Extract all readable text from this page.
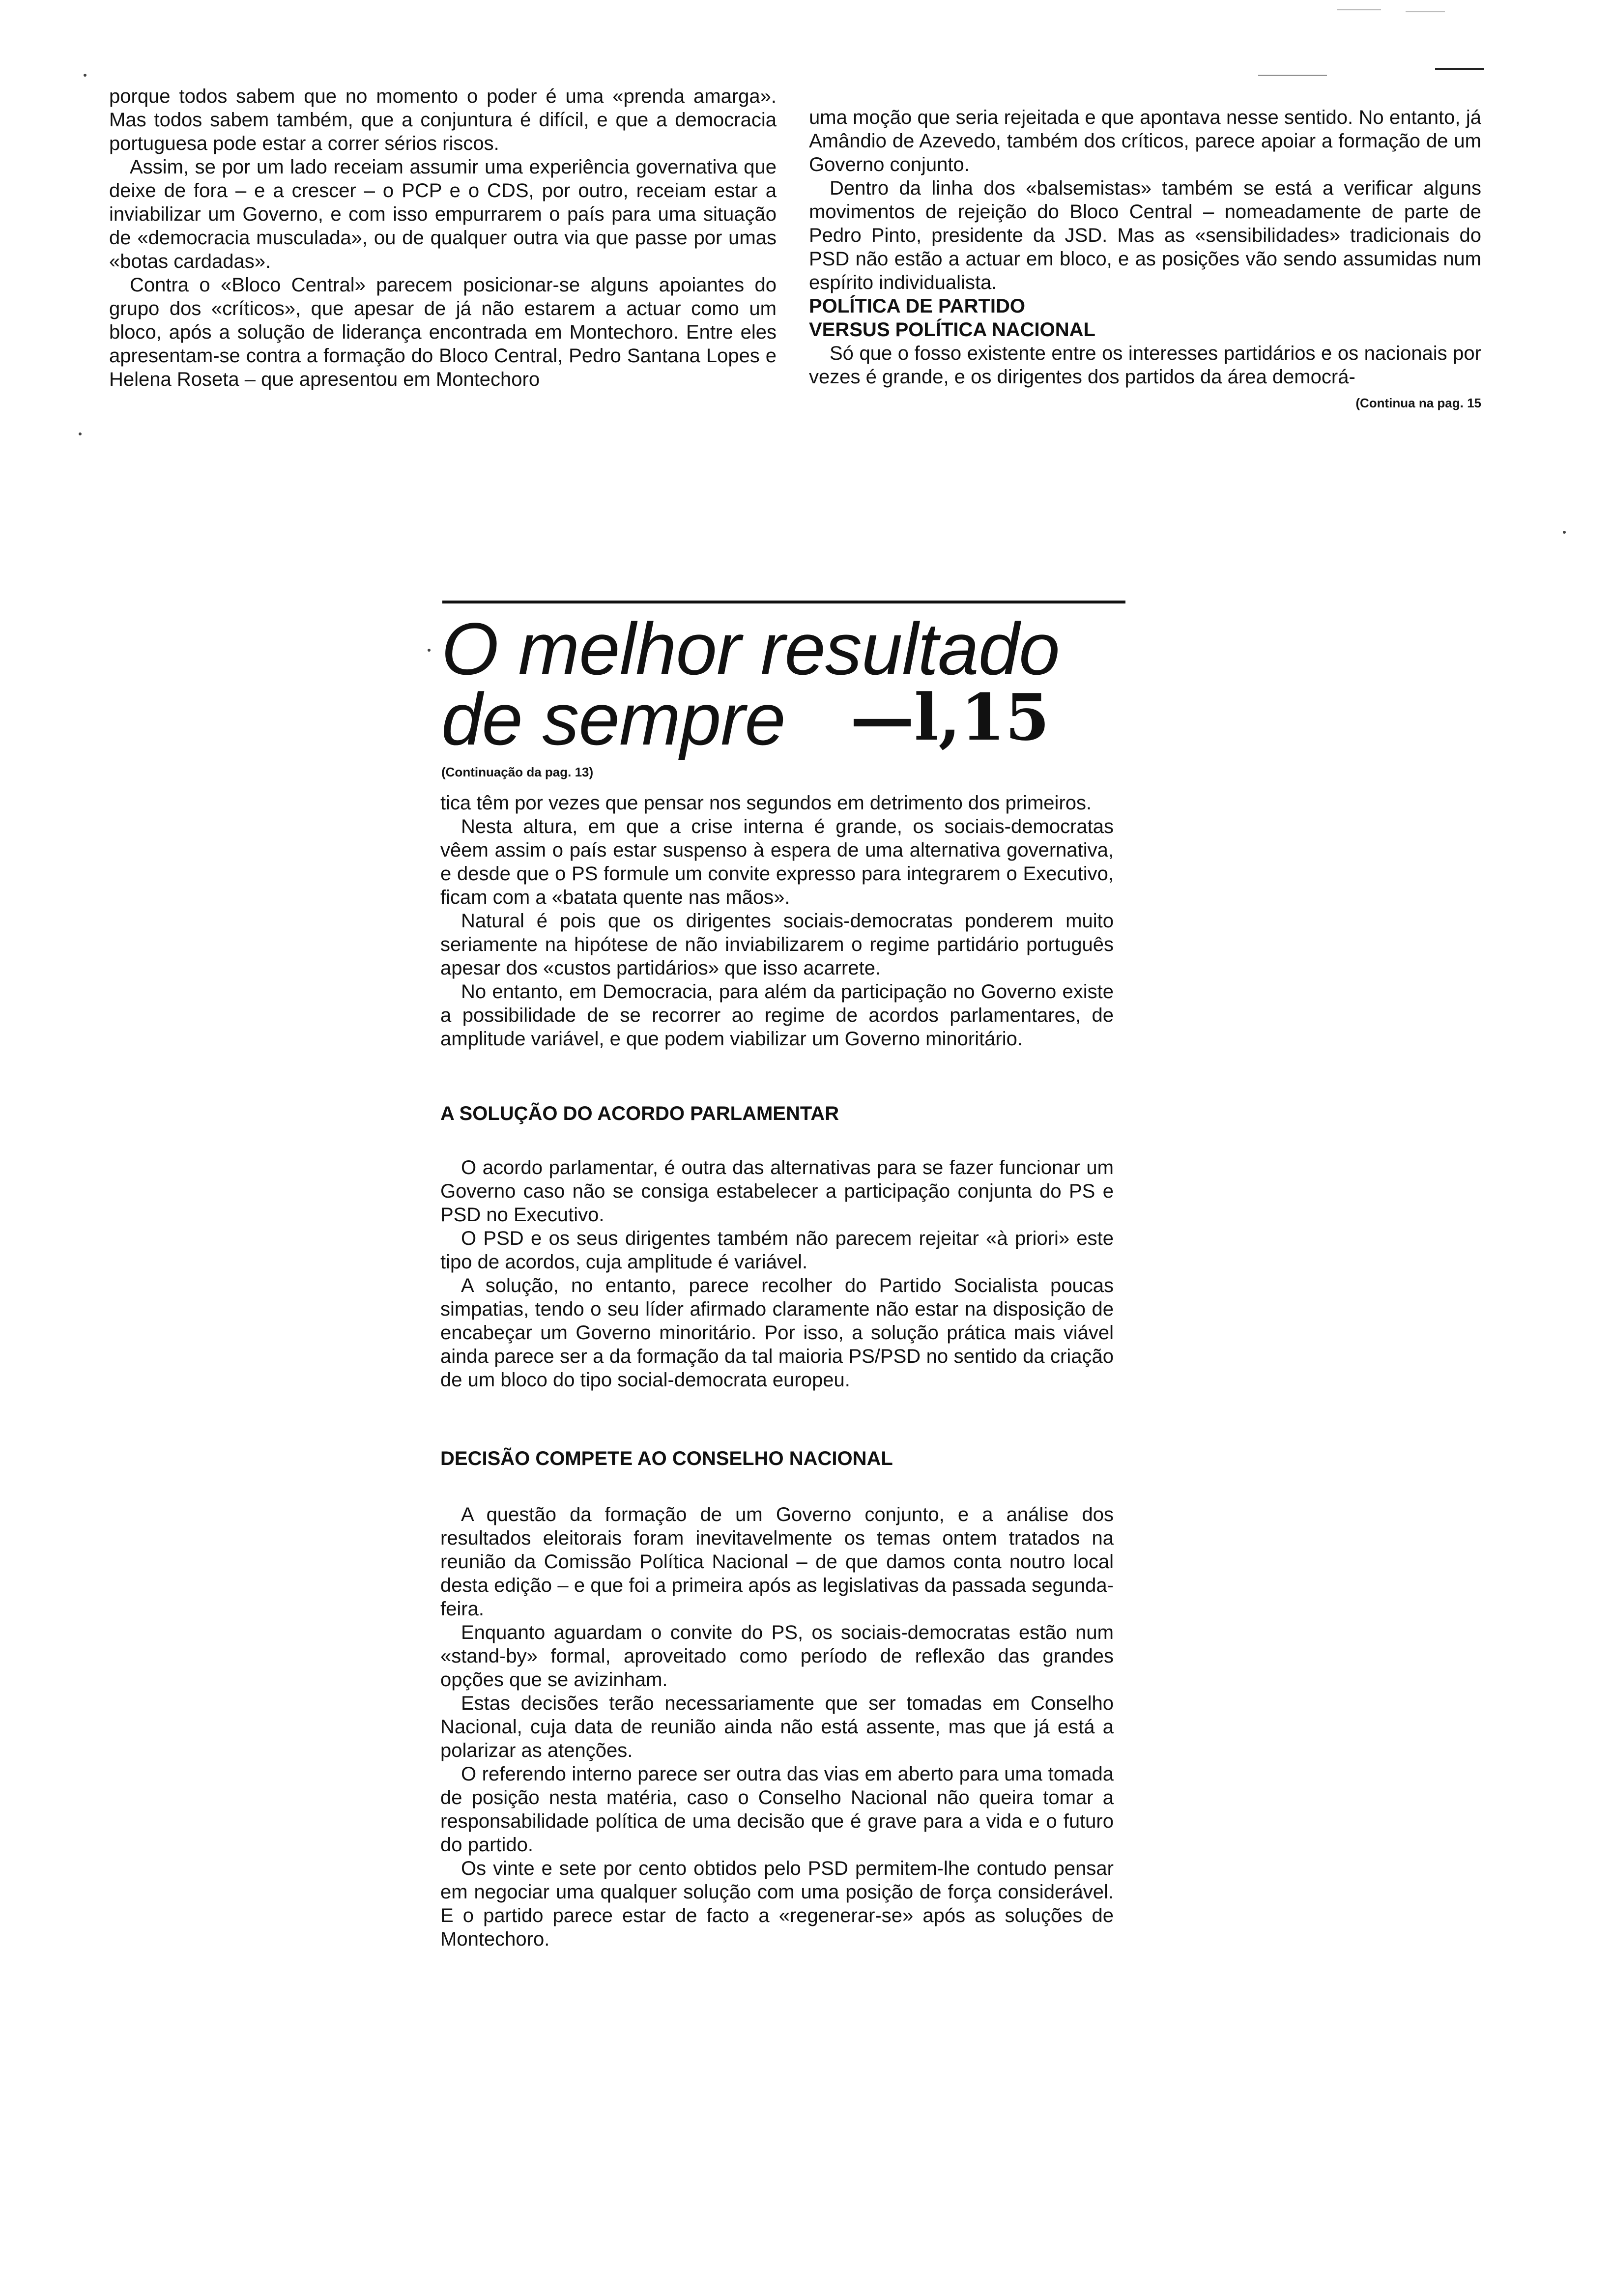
porque todos sabem que no momento o poder é uma «prenda amarga». Mas todos sabem também, que a conjuntura é difícil, e que a democracia portuguesa pode estar a correr sérios riscos.

Assim, se por um lado receiam assumir uma experiência governativa que deixe de fora – e a crescer – o PCP e o CDS, por outro, receiam estar a inviabilizar um Governo, e com isso empurrarem o país para uma situação de «democracia musculada», ou de qualquer outra via que passe por umas «botas cardadas».

Contra o «Bloco Central» parecem posicionar-se alguns apoiantes do grupo dos «críticos», que apesar de já não estarem a actuar como um bloco, após a solução de liderança encontrada em Montechoro. Entre eles apresentam-se contra a formação do Bloco Central, Pedro Santana Lopes e Helena Roseta – que apresentou em Montechoro

uma moção que seria rejeitada e que apontava nesse sentido. No entanto, já Amândio de Azevedo, também dos críticos, parece apoiar a formação de um Governo conjunto.

Dentro da linha dos «balsemistas» também se está a verificar alguns movimentos de rejeição do Bloco Central – nomeadamente de parte de Pedro Pinto, presidente da JSD. Mas as «sensibilidades» tradicionais do PSD não estão a actuar em bloco, e as posições vão sendo assumidas num espírito individualista.

POLÍTICA DE PARTIDO

VERSUS POLÍTICA NACIONAL

Só que o fosso existente entre os interesses partidários e os nacionais por vezes é grande, e os dirigentes dos partidos da área democrá-

(Continua na pag. 15
O melhor resultado
de sempre —l,15
(Continuação da pag. 13)

tica têm por vezes que pensar nos segundos em detrimento dos primeiros.

Nesta altura, em que a crise interna é grande, os sociais-democratas vêem assim o país estar suspenso à espera de uma alternativa governativa, e desde que o PS formule um convite expresso para integrarem o Executivo, ficam com a «batata quente nas mãos».

Natural é pois que os dirigentes sociais-democratas ponderem muito seriamente na hipótese de não inviabilizarem o regime partidário português apesar dos «custos partidários» que isso acarrete.

No entanto, em Democracia, para além da participação no Governo existe a possibilidade de se recorrer ao regime de acordos parlamentares, de amplitude variável, e que podem viabilizar um Governo minoritário.

A SOLUÇÃO DO ACORDO PARLAMENTAR

O acordo parlamentar, é outra das alternativas para se fazer funcionar um Governo caso não se consiga estabelecer a participação conjunta do PS e PSD no Executivo.

O PSD e os seus dirigentes também não parecem rejeitar «à priori» este tipo de acordos, cuja amplitude é variável.

A solução, no entanto, parece recolher do Partido Socialista poucas simpatias, tendo o seu líder afirmado claramente não estar na disposição de encabeçar um Governo minoritário. Por isso, a solução prática mais viável ainda parece ser a da formação da tal maioria PS/PSD no sentido da criação de um bloco do tipo social-democrata europeu.

DECISÃO COMPETE AO CONSELHO NACIONAL

A questão da formação de um Governo conjunto, e a análise dos resultados eleitorais foram inevitavelmente os temas ontem tratados na reunião da Comissão Política Nacional – de que damos conta noutro local desta edição – e que foi a primeira após as legislativas da passada segunda-feira.

Enquanto aguardam o convite do PS, os sociais-democratas estão num «stand-by» formal, aproveitado como período de reflexão das grandes opções que se avizinham.

Estas decisões terão necessariamente que ser tomadas em Conselho Nacional, cuja data de reunião ainda não está assente, mas que já está a polarizar as atenções.

O referendo interno parece ser outra das vias em aberto para uma tomada de posição nesta matéria, caso o Conselho Nacional não queira tomar a responsabilidade política de uma decisão que é grave para a vida e o futuro do partido.

Os vinte e sete por cento obtidos pelo PSD permitem-lhe contudo pensar em negociar uma qualquer solução com uma posição de força considerável. E o partido parece estar de facto a «regenerar-se» após as soluções de Montechoro.
